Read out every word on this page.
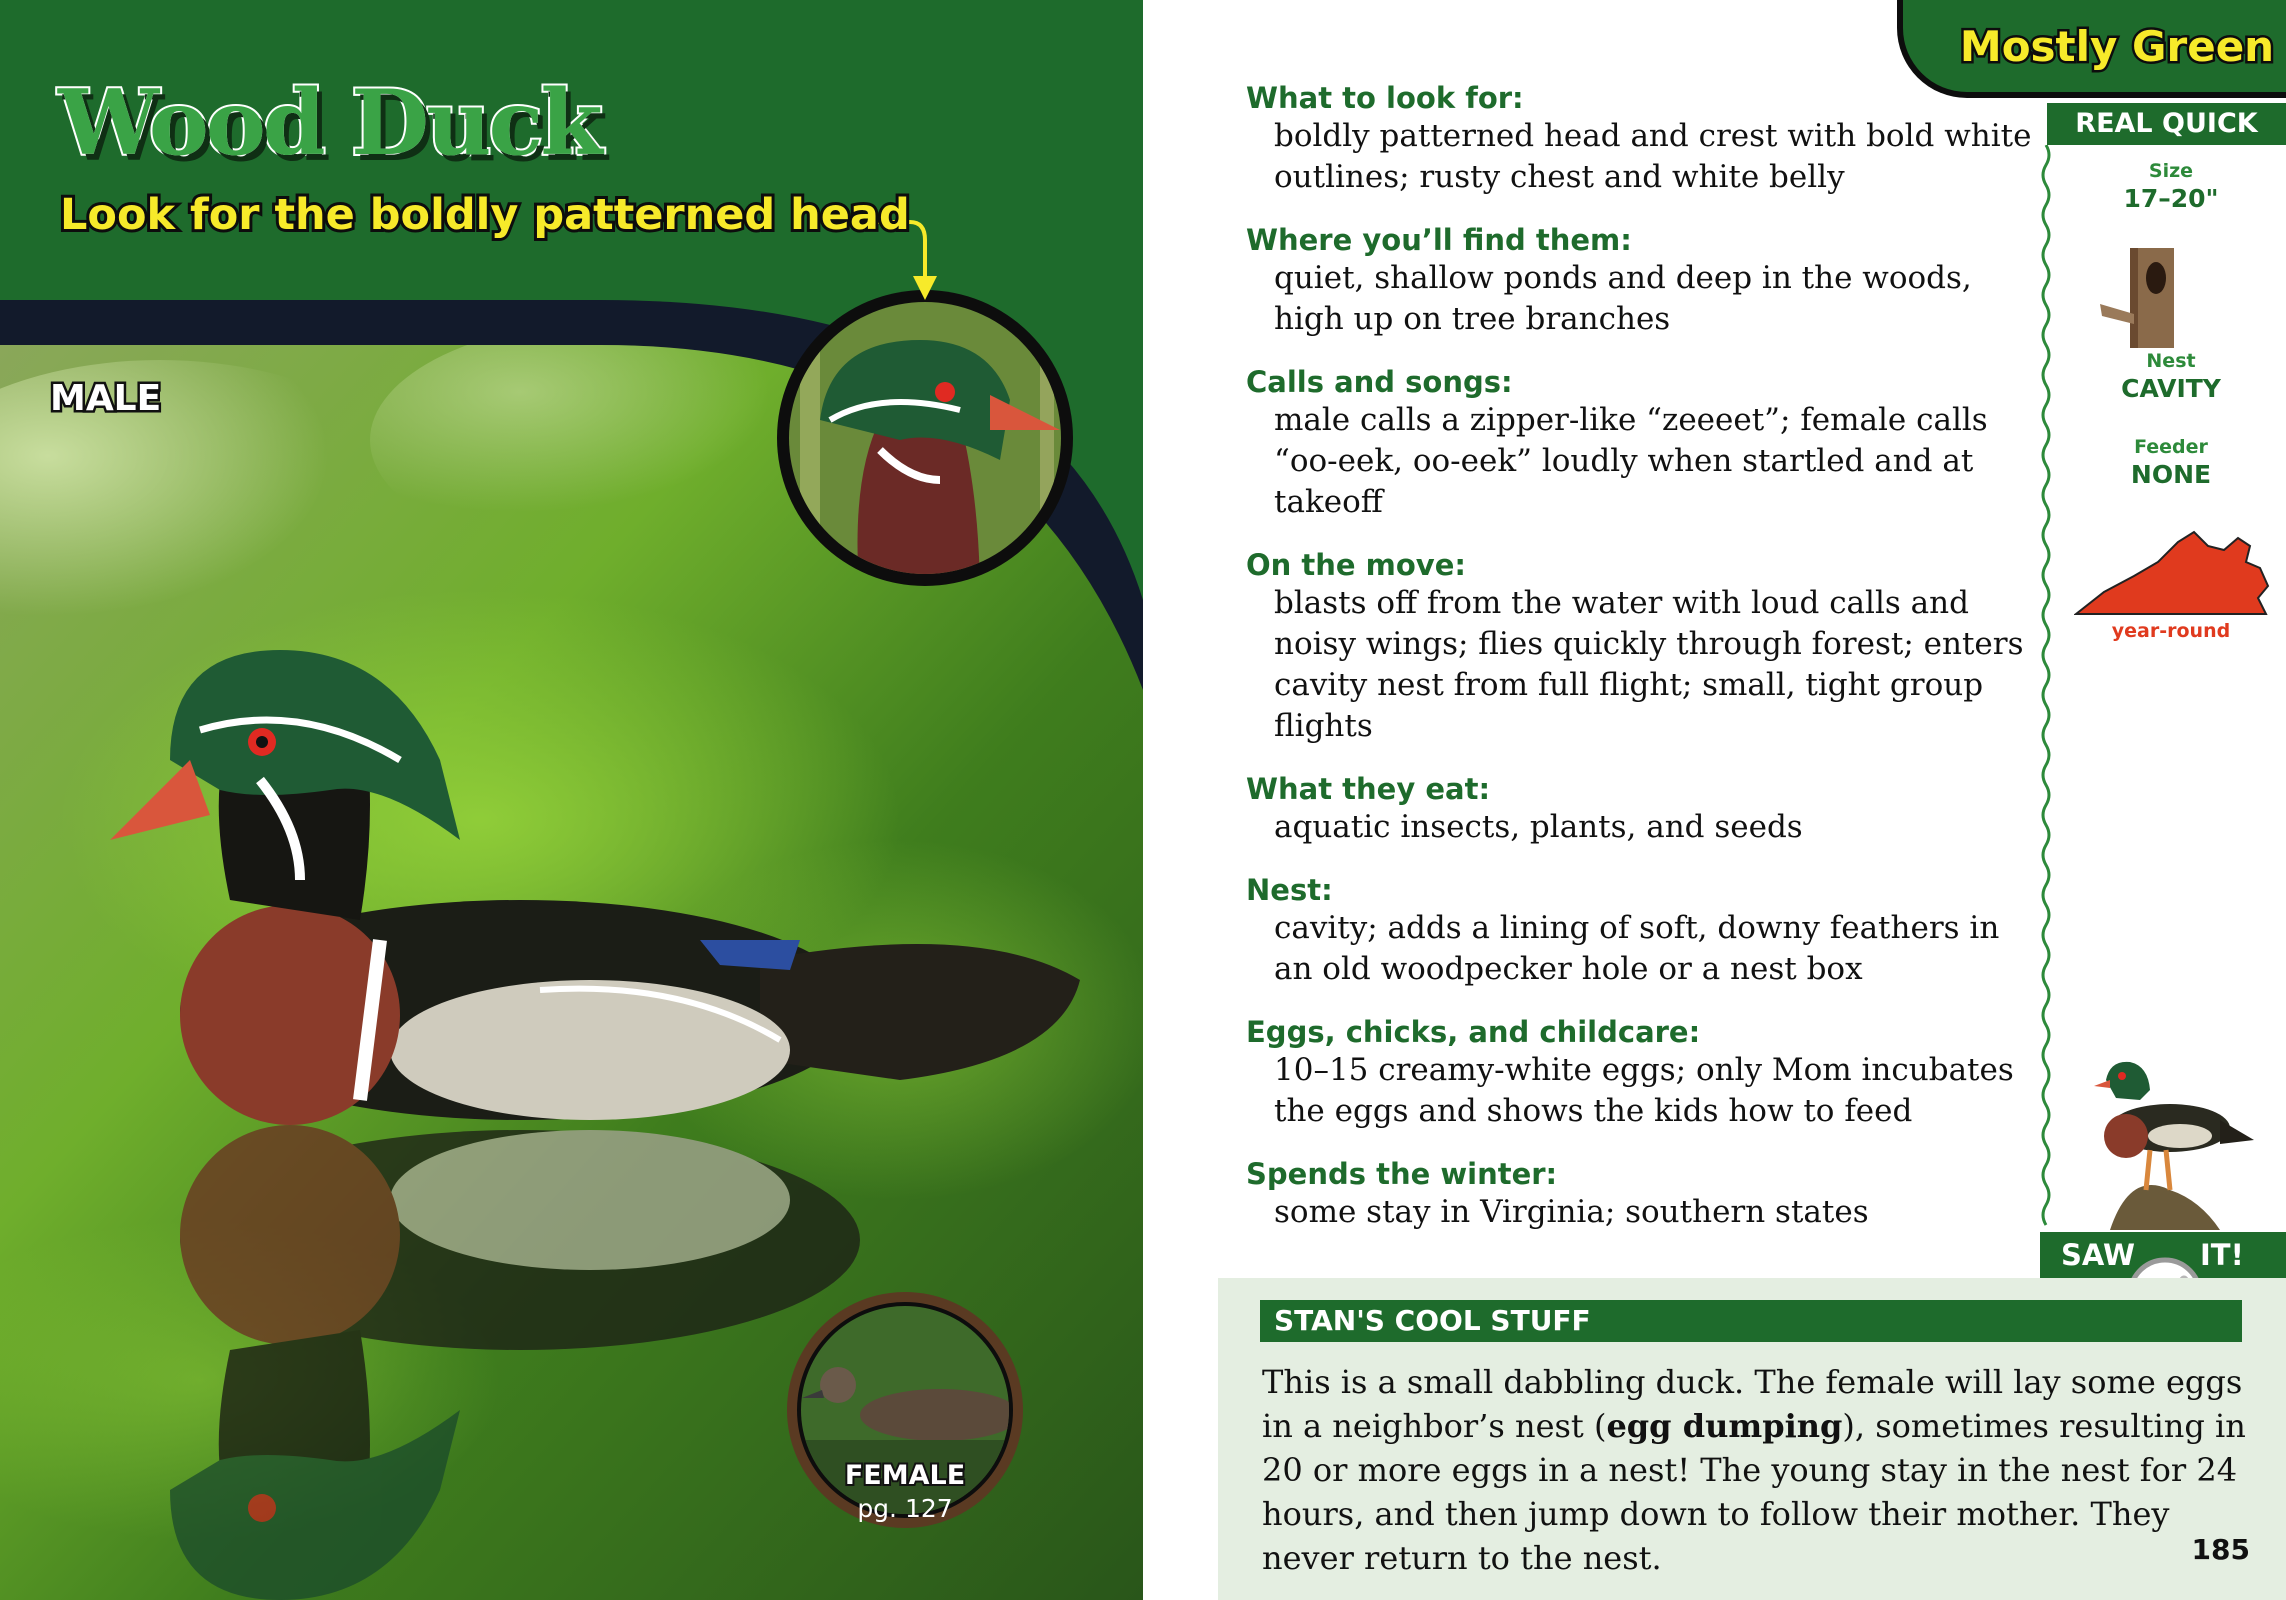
Wood Duck
Look for the boldly patterned head
MALE
FEMALE
pg. 127
Mostly Green
REAL QUICK
Size
17–20"
Nest
CAVITY
Feeder
NONE
year-round
What to look for:
boldly patterned head and crest with bold white outlines; rusty chest and white belly
Where you’ll find them:
quiet, shallow ponds and deep in the woods, high up on tree branches
Calls and songs:
male calls a zipper-like “zeeeet”; female calls “oo-eek, oo-eek” loudly when startled and at takeoff
On the move:
blasts off from the water with loud calls and noisy wings; flies quickly through forest; enters cavity nest from full flight; small, tight group flights
What they eat:
aquatic insects, plants, and seeds
Nest:
cavity; adds a lining of soft, downy feathers in an old woodpecker hole or a nest box
Eggs, chicks, and childcare:
10–15 creamy-white eggs; only Mom incubates the eggs and shows the kids how to feed
Spends the winter:
some stay in Virginia; southern states
SAW IT!
STAN'S COOL STUFF
This is a small dabbling duck. The female will lay some eggs in a neighbor’s nest (egg dumping), sometimes resulting in 20 or more eggs in a nest! The young stay in the nest for 24 hours, and then jump down to follow their mother. They never return to the nest.	185
